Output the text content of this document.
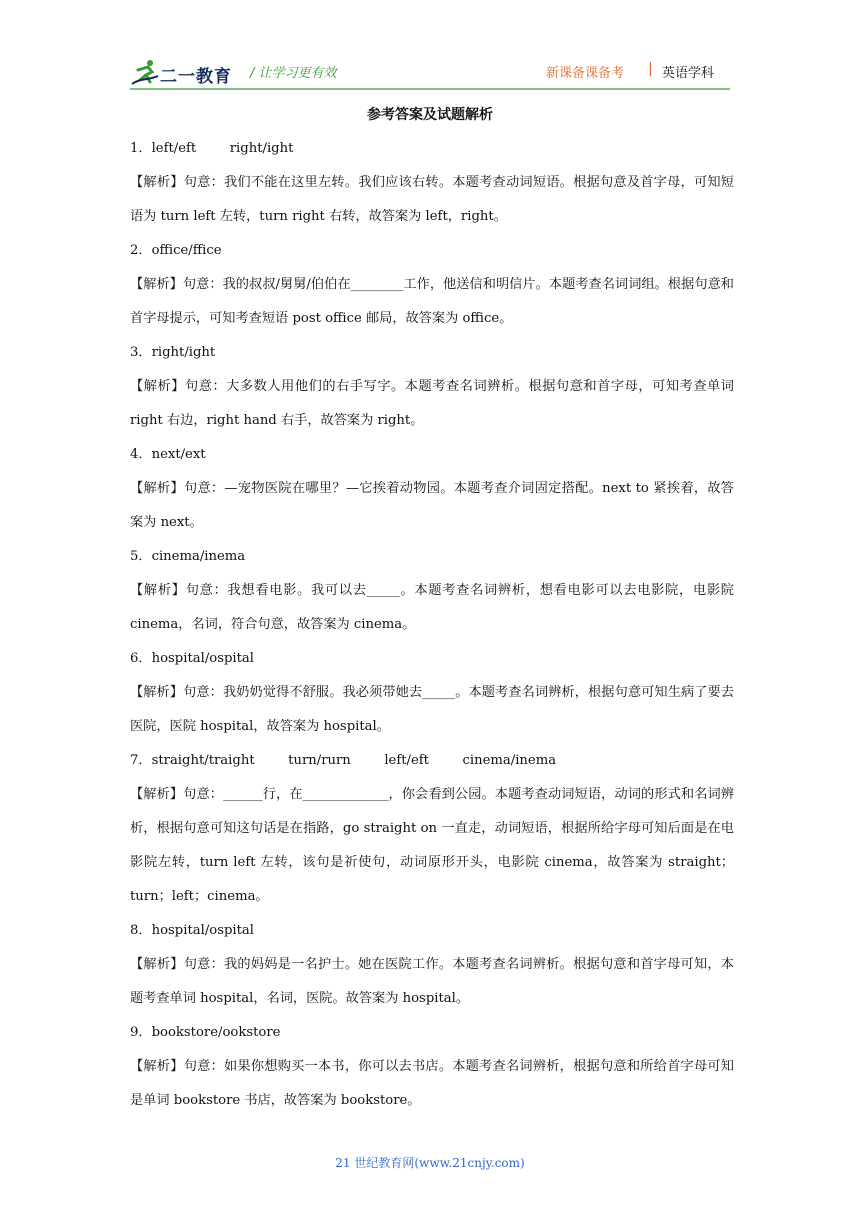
二一教育 / 让学习更有效	新课备课备考 | 英语学科
参考答案及试题解析
1．left/eft        right/ight
【解析】句意：我们不能在这里左转。我们应该右转。本题考查动词短语。根据句意及首字母，可知短语为 turn left 左转，turn right 右转，故答案为 left，right。
2．office/ffice
【解析】句意：我的叔叔/舅舅/伯伯在________工作，他送信和明信片。本题考查名词词组。根据句意和首字母提示，可知考查短语 post office 邮局，故答案为 office。
3．right/ight
【解析】句意：大多数人用他们的右手写字。本题考查名词辨析。根据句意和首字母，可知考查单词 right 右边，right hand 右手，故答案为 right。
4．next/ext
【解析】句意：—宠物医院在哪里？—它挨着动物园。本题考查介词固定搭配。next to 紧挨着，故答案为 next。
5．cinema/inema
【解析】句意：我想看电影。我可以去_____。本题考查名词辨析，想看电影可以去电影院，电影院 cinema，名词，符合句意，故答案为 cinema。
6．hospital/ospital
【解析】句意：我奶奶觉得不舒服。我必须带她去_____。本题考查名词辨析，根据句意可知生病了要去医院，医院 hospital，故答案为 hospital。
7．straight/traight        turn/rurn        left/eft        cinema/inema
【解析】句意：______行，在_____________，你会看到公园。本题考查动词短语，动词的形式和名词辨析，根据句意可知这句话是在指路，go straight on 一直走，动词短语，根据所给字母可知后面是在电影院左转，turn left 左转，该句是祈使句，动词原形开头，电影院 cinema，故答案为 straight；turn；left；cinema。
8．hospital/ospital
【解析】句意：我的妈妈是一名护士。她在医院工作。本题考查名词辨析。根据句意和首字母可知，本题考查单词 hospital，名词，医院。故答案为 hospital。
9．bookstore/ookstore
【解析】句意：如果你想购买一本书，你可以去书店。本题考查名词辨析，根据句意和所给首字母可知是单词 bookstore 书店，故答案为 bookstore。
21 世纪教育网(www.21cnjy.com)
